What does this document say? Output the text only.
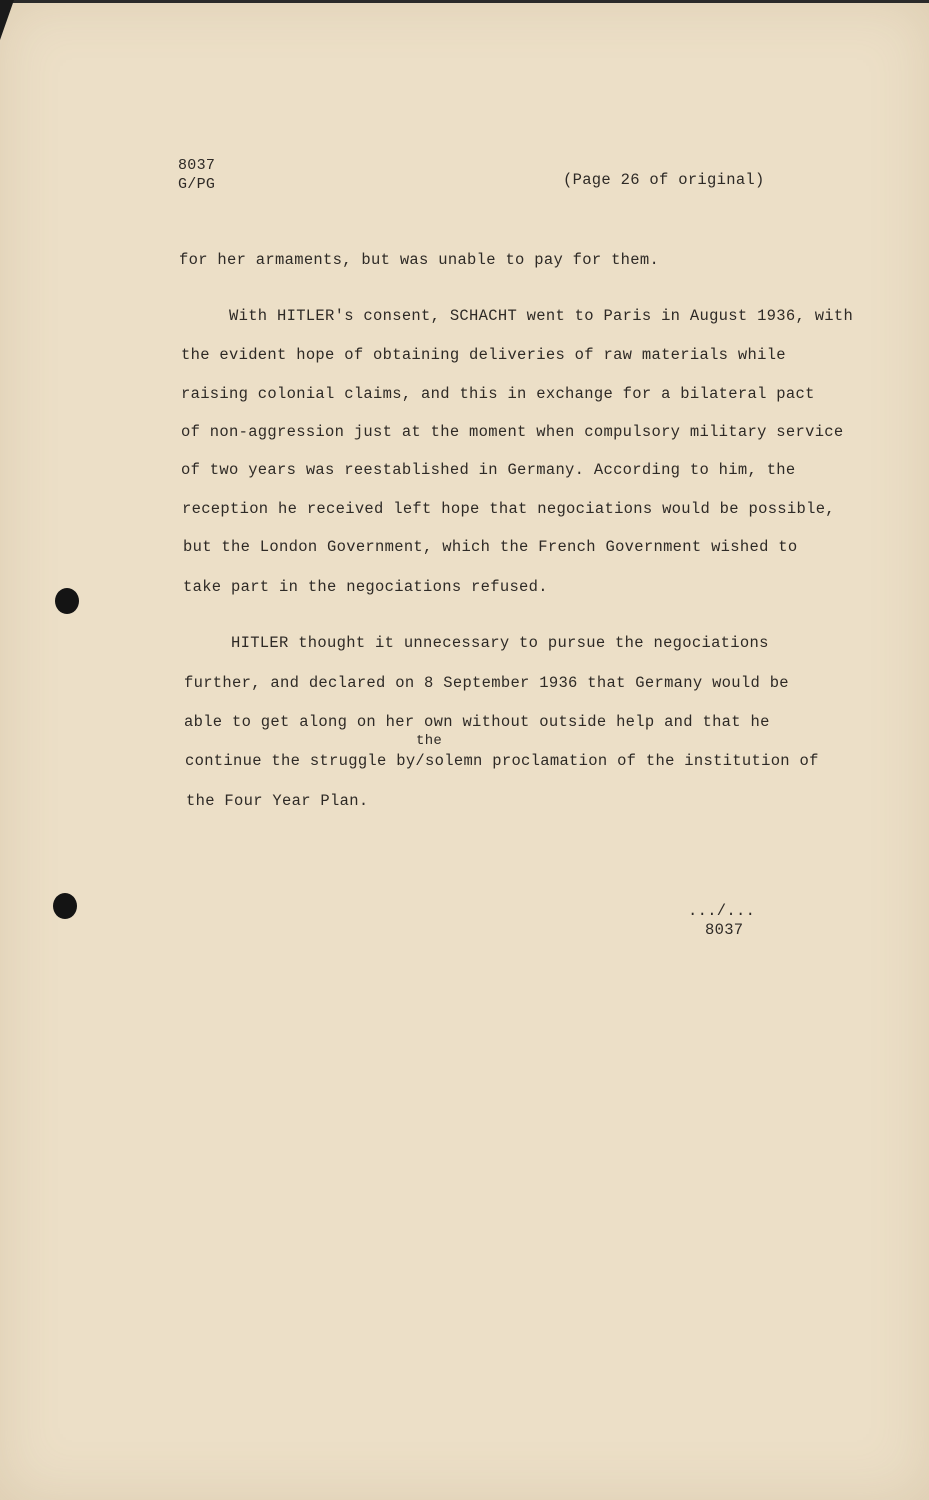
8037
G/PG	(Page 26 of original)
for her armaments, but was unable to pay for them.
With HITLER's consent, SCHACHT went to Paris in August 1936, with
the evident hope of obtaining deliveries of raw materials while
raising colonial claims, and this in exchange for a bilateral pact
of non-aggression just at the moment when compulsory military service
of two years was reestablished in Germany. According to him, the
reception he received left hope that negociations would be possible,
but the London Government, which the French Government wished to
take part in the negociations refused.
HITLER thought it unnecessary to pursue the negociations
further, and declared on 8 September 1936 that Germany would be
able to get along on her own without outside help and that he
the
continue the struggle by/solemn proclamation of the institution of
the Four Year Plan.
.../...
8037
